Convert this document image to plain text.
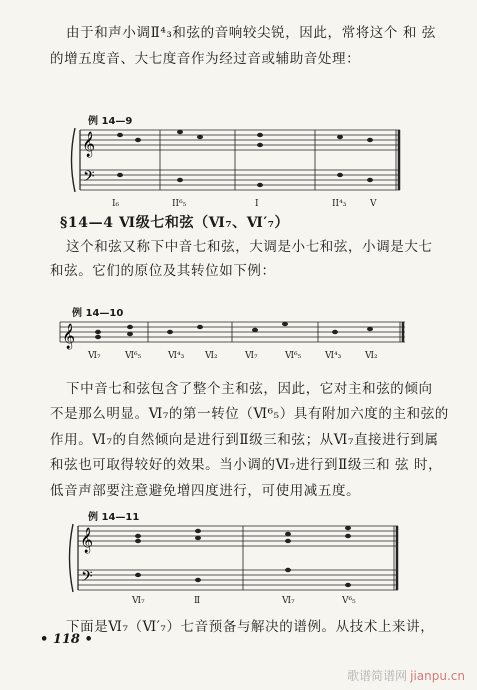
由于和声小调Ⅱ⁴₃和弦的音响较尖锐，因此，常将这个 和 弦
的增五度音、大七度音作为经过音或辅助音处理：
例 14—9
𝄞
𝄢
I₆	II⁶₅	I	II⁴₃	V
§14—4 Ⅵ级七和弦（Ⅵ₇、Ⅵ′₇）
这个和弦又称下中音七和弦，大调是小七和弦，小调是大七
和弦。它们的原位及其转位如下例：
例 14—10
𝄞
Ⅵ₇	Ⅵ⁶₅	Ⅵ⁴₃ Ⅵ₂	Ⅵ₇	Ⅵ⁶₅	Ⅵ⁴₃	Ⅵ₂
下中音七和弦包含了整个主和弦，因此，它对主和弦的倾向
不是那么明显。Ⅵ₇的第一转位（Ⅵ⁶₅）具有附加六度的主和弦的
作用。Ⅵ₇的自然倾向是进行到Ⅱ级三和弦；从Ⅵ₇直接进行到属
和弦也可取得较好的效果。当小调的Ⅵ₇进行到Ⅱ级三和 弦 时，
低音声部要注意避免增四度进行，可使用减五度。
例 14—11
𝄞
𝄢
Ⅵ₇	Ⅱ	Ⅵ₇	V⁶₅
下面是Ⅵ₇（Ⅵ′₇）七音预备与解决的谱例。从技术上来讲，
• 118 •
歌谱简谱网 jianpu.cn
